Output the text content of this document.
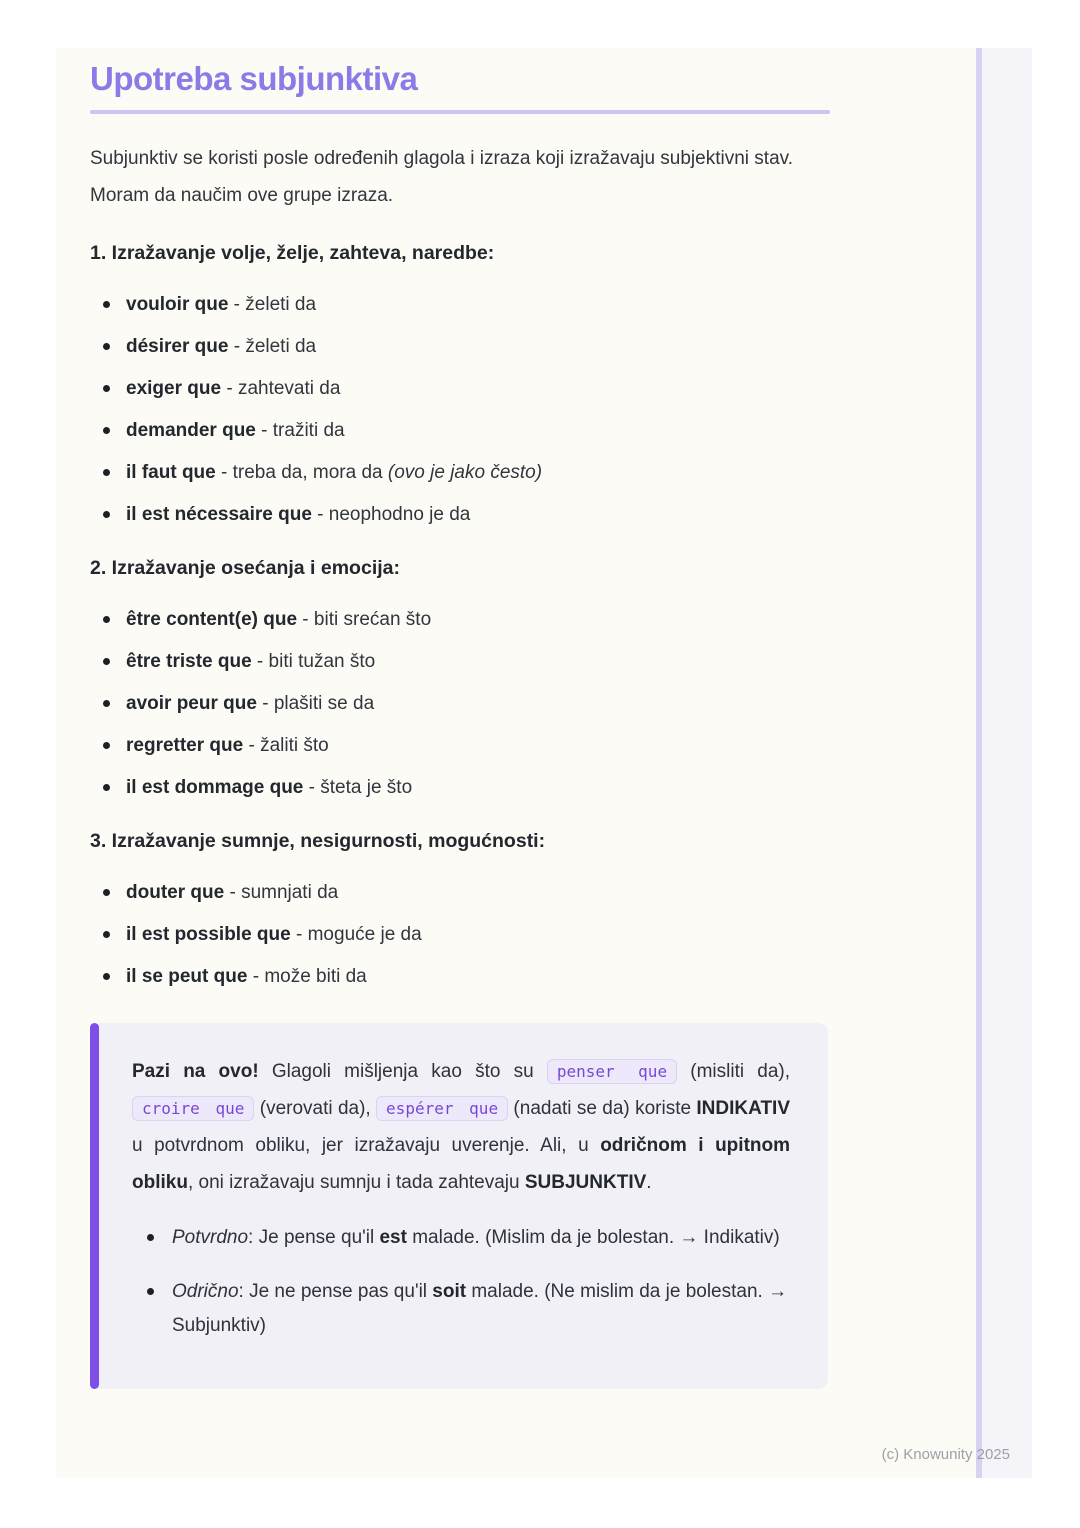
Upotreba subjunktiva

Subjunktiv se koristi posle određenih glagola i izraza koji izražavaju subjektivni stav. Moram da naučim ove grupe izraza.

1. Izražavanje volje, želje, zahteva, naredbe:
vouloir que - želeti da
désirer que - želeti da
exiger que - zahtevati da
demander que - tražiti da
il faut que - treba da, mora da (ovo je jako često)
il est nécessaire que - neophodno je da
2. Izražavanje osećanja i emocija:
être content(e) que - biti srećan što
être triste que - biti tužan što
avoir peur que - plašiti se da
regretter que - žaliti što
il est dommage que - šteta je što
3. Izražavanje sumnje, nesigurnosti, mogućnosti:
douter que - sumnjati da
il est possible que - moguće je da
il se peut que - može biti da

Pazi na ovo! Glagoli mišljenja kao što su penser que (misliti da), croire que (verovati da), espérer que (nadati se da) koriste INDIKATIV u potvrdnom obliku, jer izražavaju uverenje. Ali, u odričnom i upitnom obliku, oni izražavaju sumnju i tada zahtevaju SUBJUNKTIV.

Potvrdno: Je pense qu'il est malade. (Mislim da je bolestan. → Indikativ)
Odrično: Je ne pense pas qu'il soit malade. (Ne mislim da je bolestan. → Subjunktiv)
(c) Knowunity 2025
